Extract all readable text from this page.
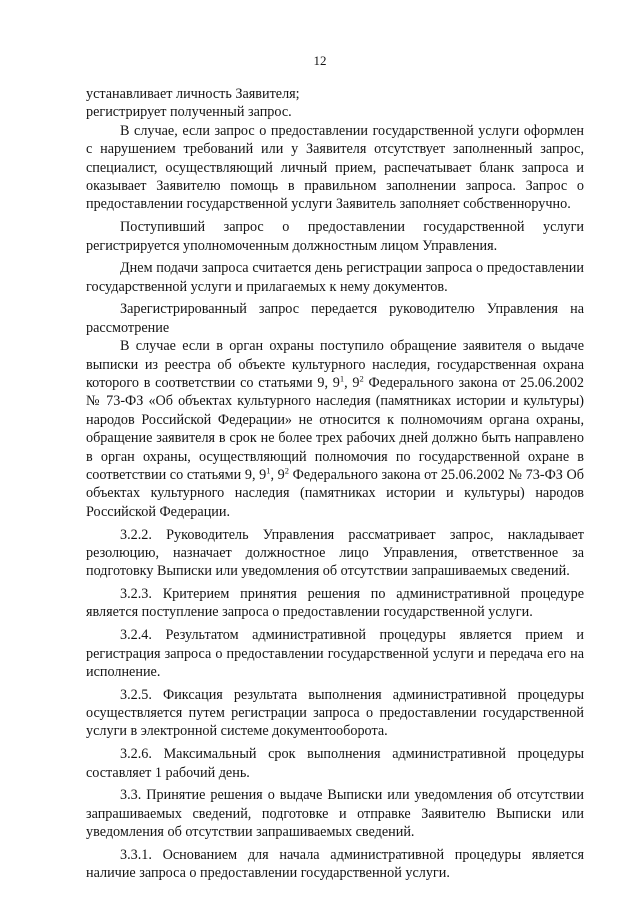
12

устанавливает личность Заявителя;

регистрирует полученный запрос.

В случае, если запрос о предоставлении государственной услуги оформлен с нарушением требований или у Заявителя отсутствует заполненный запрос, специалист, осуществляющий личный прием, распечатывает бланк запроса и оказывает Заявителю помощь в правильном заполнении запроса. Запрос о предоставлении государственной услуги Заявитель заполняет собственноручно.

Поступивший запрос о предоставлении государственной услуги регистрируется уполномоченным должностным лицом Управления.

Днем подачи запроса считается день регистрации запроса о предоставлении государственной услуги и прилагаемых к нему документов.

Зарегистрированный запрос передается руководителю Управления на рассмотрение

В случае если в орган охраны поступило обращение заявителя о выдаче выписки из реестра об объекте культурного наследия, государственная охрана которого в соответствии со статьями 9, $9^1$, $9^2$ Федерального закона от 25.06.2002 № 73-ФЗ «Об объектах культурного наследия (памятниках истории и культуры) народов Российской Федерации» не относится к полномочиям органа охраны, обращение заявителя в срок не более трех рабочих дней должно быть направлено в орган охраны, осуществляющий полномочия по государственной охране в соответствии со статьями 9, $9^1$, $9^2$ Федерального закона от 25.06.2002 № 73-ФЗ Об объектах культурного наследия (памятниках истории и культуры) народов Российской Федерации.

3.2.2. Руководитель Управления рассматривает запрос, накладывает резолюцию, назначает должностное лицо Управления, ответственное за подготовку Выписки или уведомления об отсутствии запрашиваемых сведений.

3.2.3. Критерием принятия решения по административной процедуре является поступление запроса о предоставлении государственной услуги.

3.2.4. Результатом административной процедуры является прием и регистрация запроса о предоставлении государственной услуги и передача его на исполнение.

3.2.5. Фиксация результата выполнения административной процедуры осуществляется путем регистрации запроса о предоставлении государственной услуги в электронной системе документооборота.

3.2.6. Максимальный срок выполнения административной процедуры составляет 1 рабочий день.

3.3. Принятие решения о выдаче Выписки или уведомления об отсутствии запрашиваемых сведений, подготовке и отправке Заявителю Выписки или уведомления об отсутствии запрашиваемых сведений.

3.3.1. Основанием для начала административной процедуры является наличие запроса о предоставлении государственной услуги.
